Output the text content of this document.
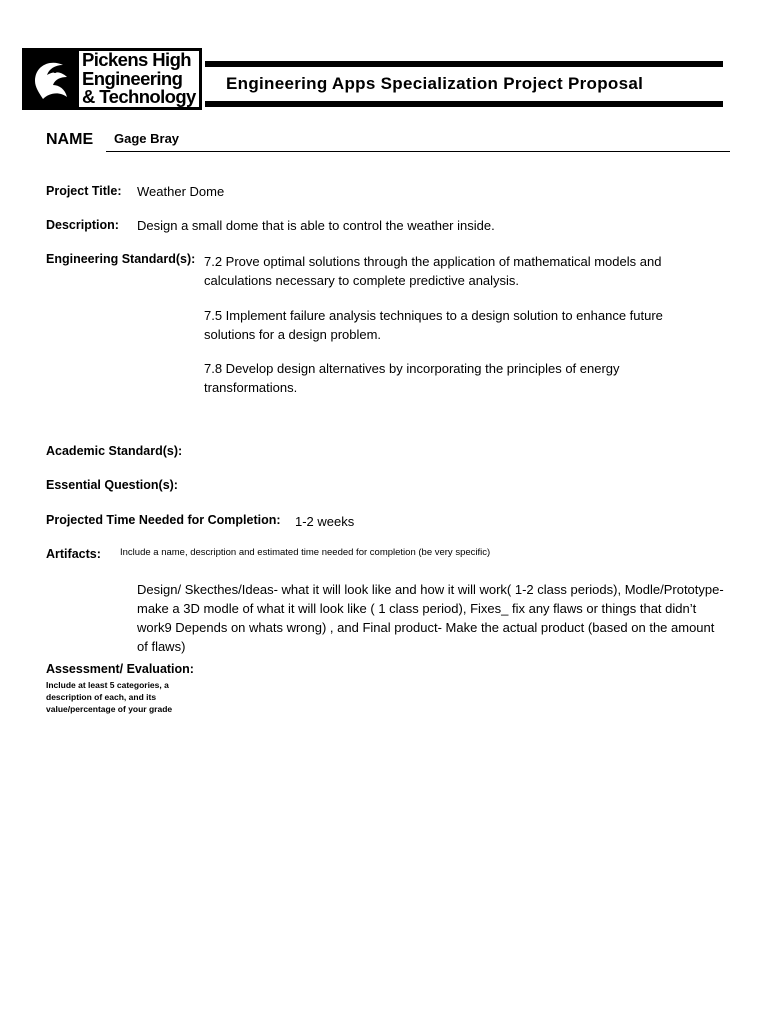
Pickens High
Engineering
& Technology
Engineering Apps Specialization Project Proposal
NAME Gage Bray
Project Title: Weather Dome
Description: Design a small dome that is able to control the weather inside.
Engineering Standard(s): 7.2 Prove optimal solutions through the application of mathematical models and calculations necessary to complete predictive analysis.
7.5 Implement failure analysis techniques to a design solution to enhance future solutions for a design problem.
7.8 Develop design alternatives by incorporating the principles of energy transformations.
Academic Standard(s):
Essential Question(s):
Projected Time Needed for Completion: 1-2 weeks
Artifacts: Include a name, description and estimated time needed for completion (be very specific)
Design/ Skecthes/Ideas- what it will look like and how it will work( 1-2 class periods), Modle/Prototype- make a 3D modle of what it will look like ( 1 class period), Fixes_ fix any flaws or things that didn’t work9 Depends on whats wrong) , and Final product- Make the actual product (based on the amount of flaws)
Assessment/ Evaluation:
Include at least 5 categories, a description of each, and its value/percentage of your grade
